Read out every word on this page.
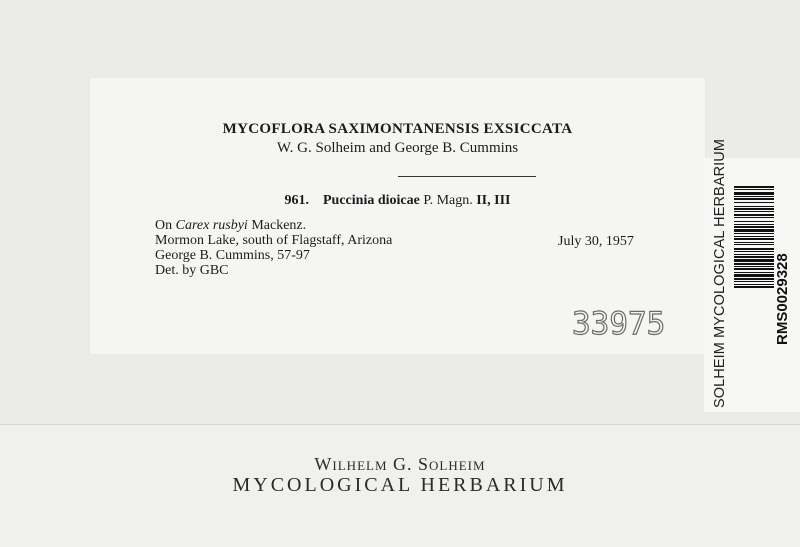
MYCOFLORA SAXIMONTANENSIS EXSICCATA
W. G. Solheim and George B. Cummins
961. Puccinia dioicae P. Magn. II, III
On Carex rusbyi Mackenz.
Mormon Lake, south of Flagstaff, Arizona
George B. Cummins, 57-97
Det. by GBC
July 30, 1957
33975	SOLHEIM MYCOLOGICAL HERBARIUM	RMS0029328
Wilhelm G. Solheim
MYCOLOGICAL HERBARIUM
